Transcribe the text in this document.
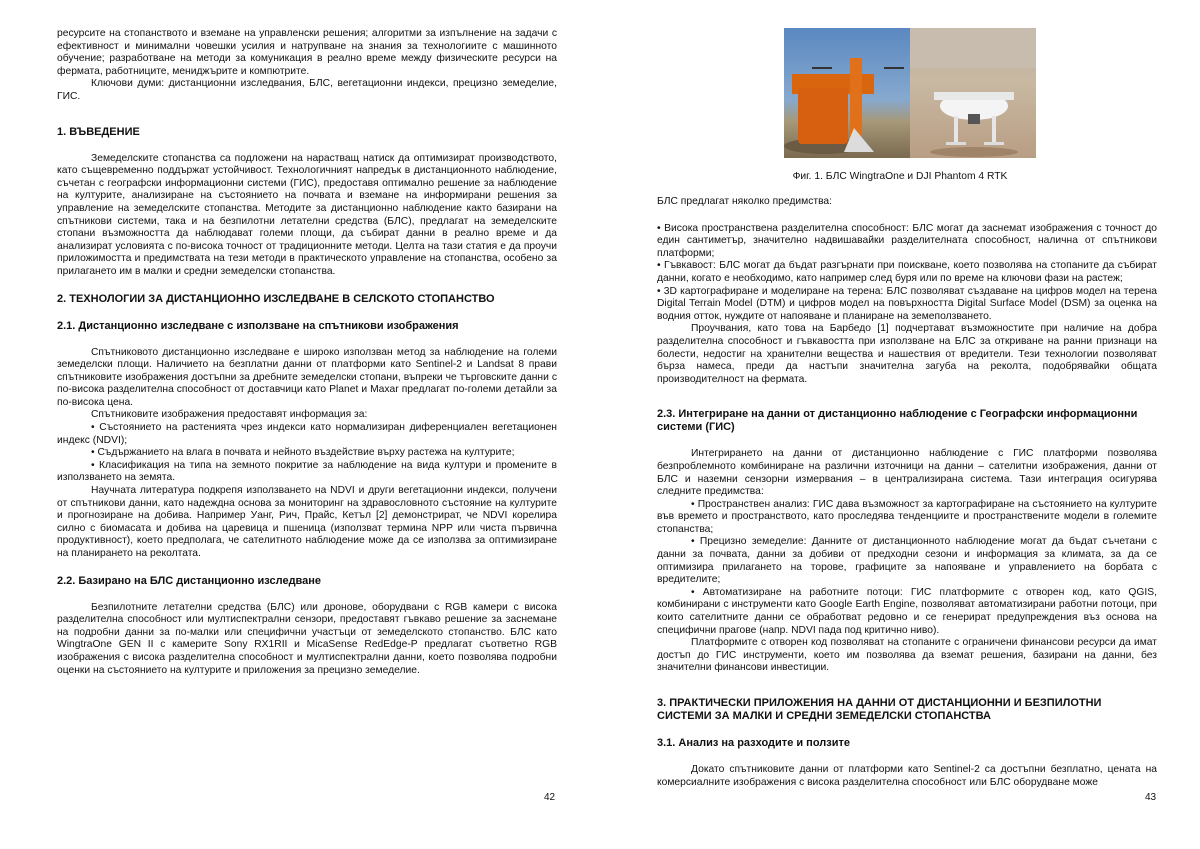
ресурсите на стопанството и вземане на управленски решения; алгоритми за изпълнение на задачи с ефективност и минимални човешки усилия и натрупване на знания за технологиите с машинното обучение; разработване на методи за комуникация в реално време между физическите ресурси на фермата, работниците, мениджърите и компютрите.

Ключови думи: дистанционни изследвания, БЛС, вегетационни индекси, прецизно земеделие, ГИС.

1. ВЪВЕДЕНИЕ

Земеделските стопанства са подложени на нарастващ натиск да оптимизират производството, като същевременно поддържат устойчивост. Технологичният напредък в дистанционното наблюдение, съчетан с географски информационни системи (ГИС), предоставя оптимално решение за наблюдение на културите, анализиране на състоянието на почвата и вземане на информирани решения за управление на земеделските стопанства. Методите за дистанционно наблюдение както базирани на спътникови системи, така и на безпилотни летателни средства (БЛС), предлагат на земеделските стопани възможността да наблюдават големи площи, да събират данни в реално време и да анализират условията с по-висока точност от традиционните методи. Целта на тази статия е да проучи приложимостта и предимствата на тези методи в практическото управление на стопанства, особено за прилагането им в малки и средни земеделски стопанства.

2. ТЕХНОЛОГИИ ЗА ДИСТАНЦИОННО ИЗСЛЕДВАНЕ В СЕЛСКОТО СТОПАНСТВО
2.1. Дистанционно изследване с използване на спътникови изображения

Спътниковото дистанционно изследване е широко използван метод за наблюдение на големи земеделски площи. Наличието на безплатни данни от платформи като Sentinel-2 и Landsat 8 прави спътниковите изображения достъпни за дребните земеделски стопани, въпреки че търговските данни с по-висока разделителна способност от доставчици като Planet и Maxar предлагат по-големи детайли за по-висока цена.

Спътниковите изображения предоставят информация за:

• Състоянието на растенията чрез индекси като нормализиран диференциален вегетационен индекс (NDVI);

• Съдържанието на влага в почвата и нейното въздействие върху растежа на културите;

• Класификация на типа на земното покритие за наблюдение на вида култури и промените в използването на земята.

Научната литература подкрепя използването на NDVI и други вегетационни индекси, получени от спътникови данни, като надеждна основа за мониторинг на здравословното състояние на културите и прогнозиране на добива. Например Уанг, Рич, Прайс, Кетъл [2] демонстрират, че NDVI корелира силно с биомасата и добива на царевица и пшеница (използват термина NPP или чиста първична продуктивност), което предполага, че сателитното наблюдение може да се използва за оптимизиране на планирането на реколтата.

2.2. Базирано на БЛС дистанционно изследване

Безпилотните летателни средства (БЛС) или дронове, оборудвани с RGB камери с висока разделителна способност или мултиспектрални сензори, предоставят гъвкаво решение за заснемане на подробни данни за по-малки или специфични участъци от земеделското стопанство. БЛС като WingtraOne GEN II с камерите Sony RX1RII и MicaSense RedEdge-P предлагат съответно RGB изображения с висока разделителна способност и мултиспектрални данни, което позволява подробни оценки на състоянието на културите и приложения за прецизно земеделие.

42
Фиг. 1. БЛС WingtraOne и DJI Phantom 4 RTK

БЛС предлагат няколко предимства:

• Висока пространствена разделителна способност: БЛС могат да заснемат изображения с точност до един сантиметър, значително надвишавайки разделителната способност, налична от спътникови платформи;

• Гъвкавост: БЛС могат да бъдат разгърнати при поискване, което позволява на стопаните да събират данни, когато е необходимо, като например след буря или по време на ключови фази на растеж;

• 3D картографиране и моделиране на терена: БЛС позволяват създаване на цифров модел на терена Digital Terrain Model (DTM) и цифров модел на повърхността Digital Surface Model (DSM) за оценка на водния отток, нуждите от напояване и планиране на земеползването.

Проучвания, като това на Барбедо [1] подчертават възможностите при наличие на добра разделителна способност и гъвкавостта при използване на БЛС за откриване на ранни признаци на болести, недостиг на хранителни вещества и нашествия от вредители. Тези технологии позволяват бърза намеса, преди да настъпи значителна загуба на реколта, подобрявайки общата производителност на фермата.

2.3. Интегриране на данни от дистанционно наблюдение с Географски информационни системи (ГИС)

Интегрирането на данни от дистанционно наблюдение с ГИС платформи позволява безпроблемното комбиниране на различни източници на данни – сателитни изображения, данни от БЛС и наземни сензорни измервания – в централизирана система. Тази интеграция осигурява следните предимства:

• Пространствен анализ: ГИС дава възможност за картографиране на състоянието на културите във времето и пространството, като проследява тенденциите и пространствените модели в големите стопанства;

• Прецизно земеделие: Данните от дистанционното наблюдение могат да бъдат съчетани с данни за почвата, данни за добиви от предходни сезони и информация за климата, за да се оптимизира прилагането на торове, графиците за напояване и управлението на борбата с вредителите;

• Автоматизиране на работните потоци: ГИС платформите с отворен код, като QGIS, комбинирани с инструменти като Google Earth Engine, позволяват автоматизирани работни потоци, при които сателитните данни се обработват редовно и се генерират предупреждения въз основа на специфични прагове (напр. NDVI пада под критично ниво).

Платформите с отворен код позволяват на стопаните с ограничени финансови ресурси да имат достъп до ГИС инструменти, което им позволява да вземат решения, базирани на данни, без значителни финансови инвестиции.

3. ПРАКТИЧЕСКИ ПРИЛОЖЕНИЯ НА ДАННИ ОТ ДИСТАНЦИОННИ И БЕЗПИЛОТНИ СИСТЕМИ ЗА МАЛКИ И СРЕДНИ ЗЕМЕДЕЛСКИ СТОПАНСТВА
3.1. Анализ на разходите и ползите

Докато спътниковите данни от платформи като Sentinel-2 са достъпни безплатно, цената на комерсиалните изображения с висока разделителна способност или БЛС оборудване може

43
